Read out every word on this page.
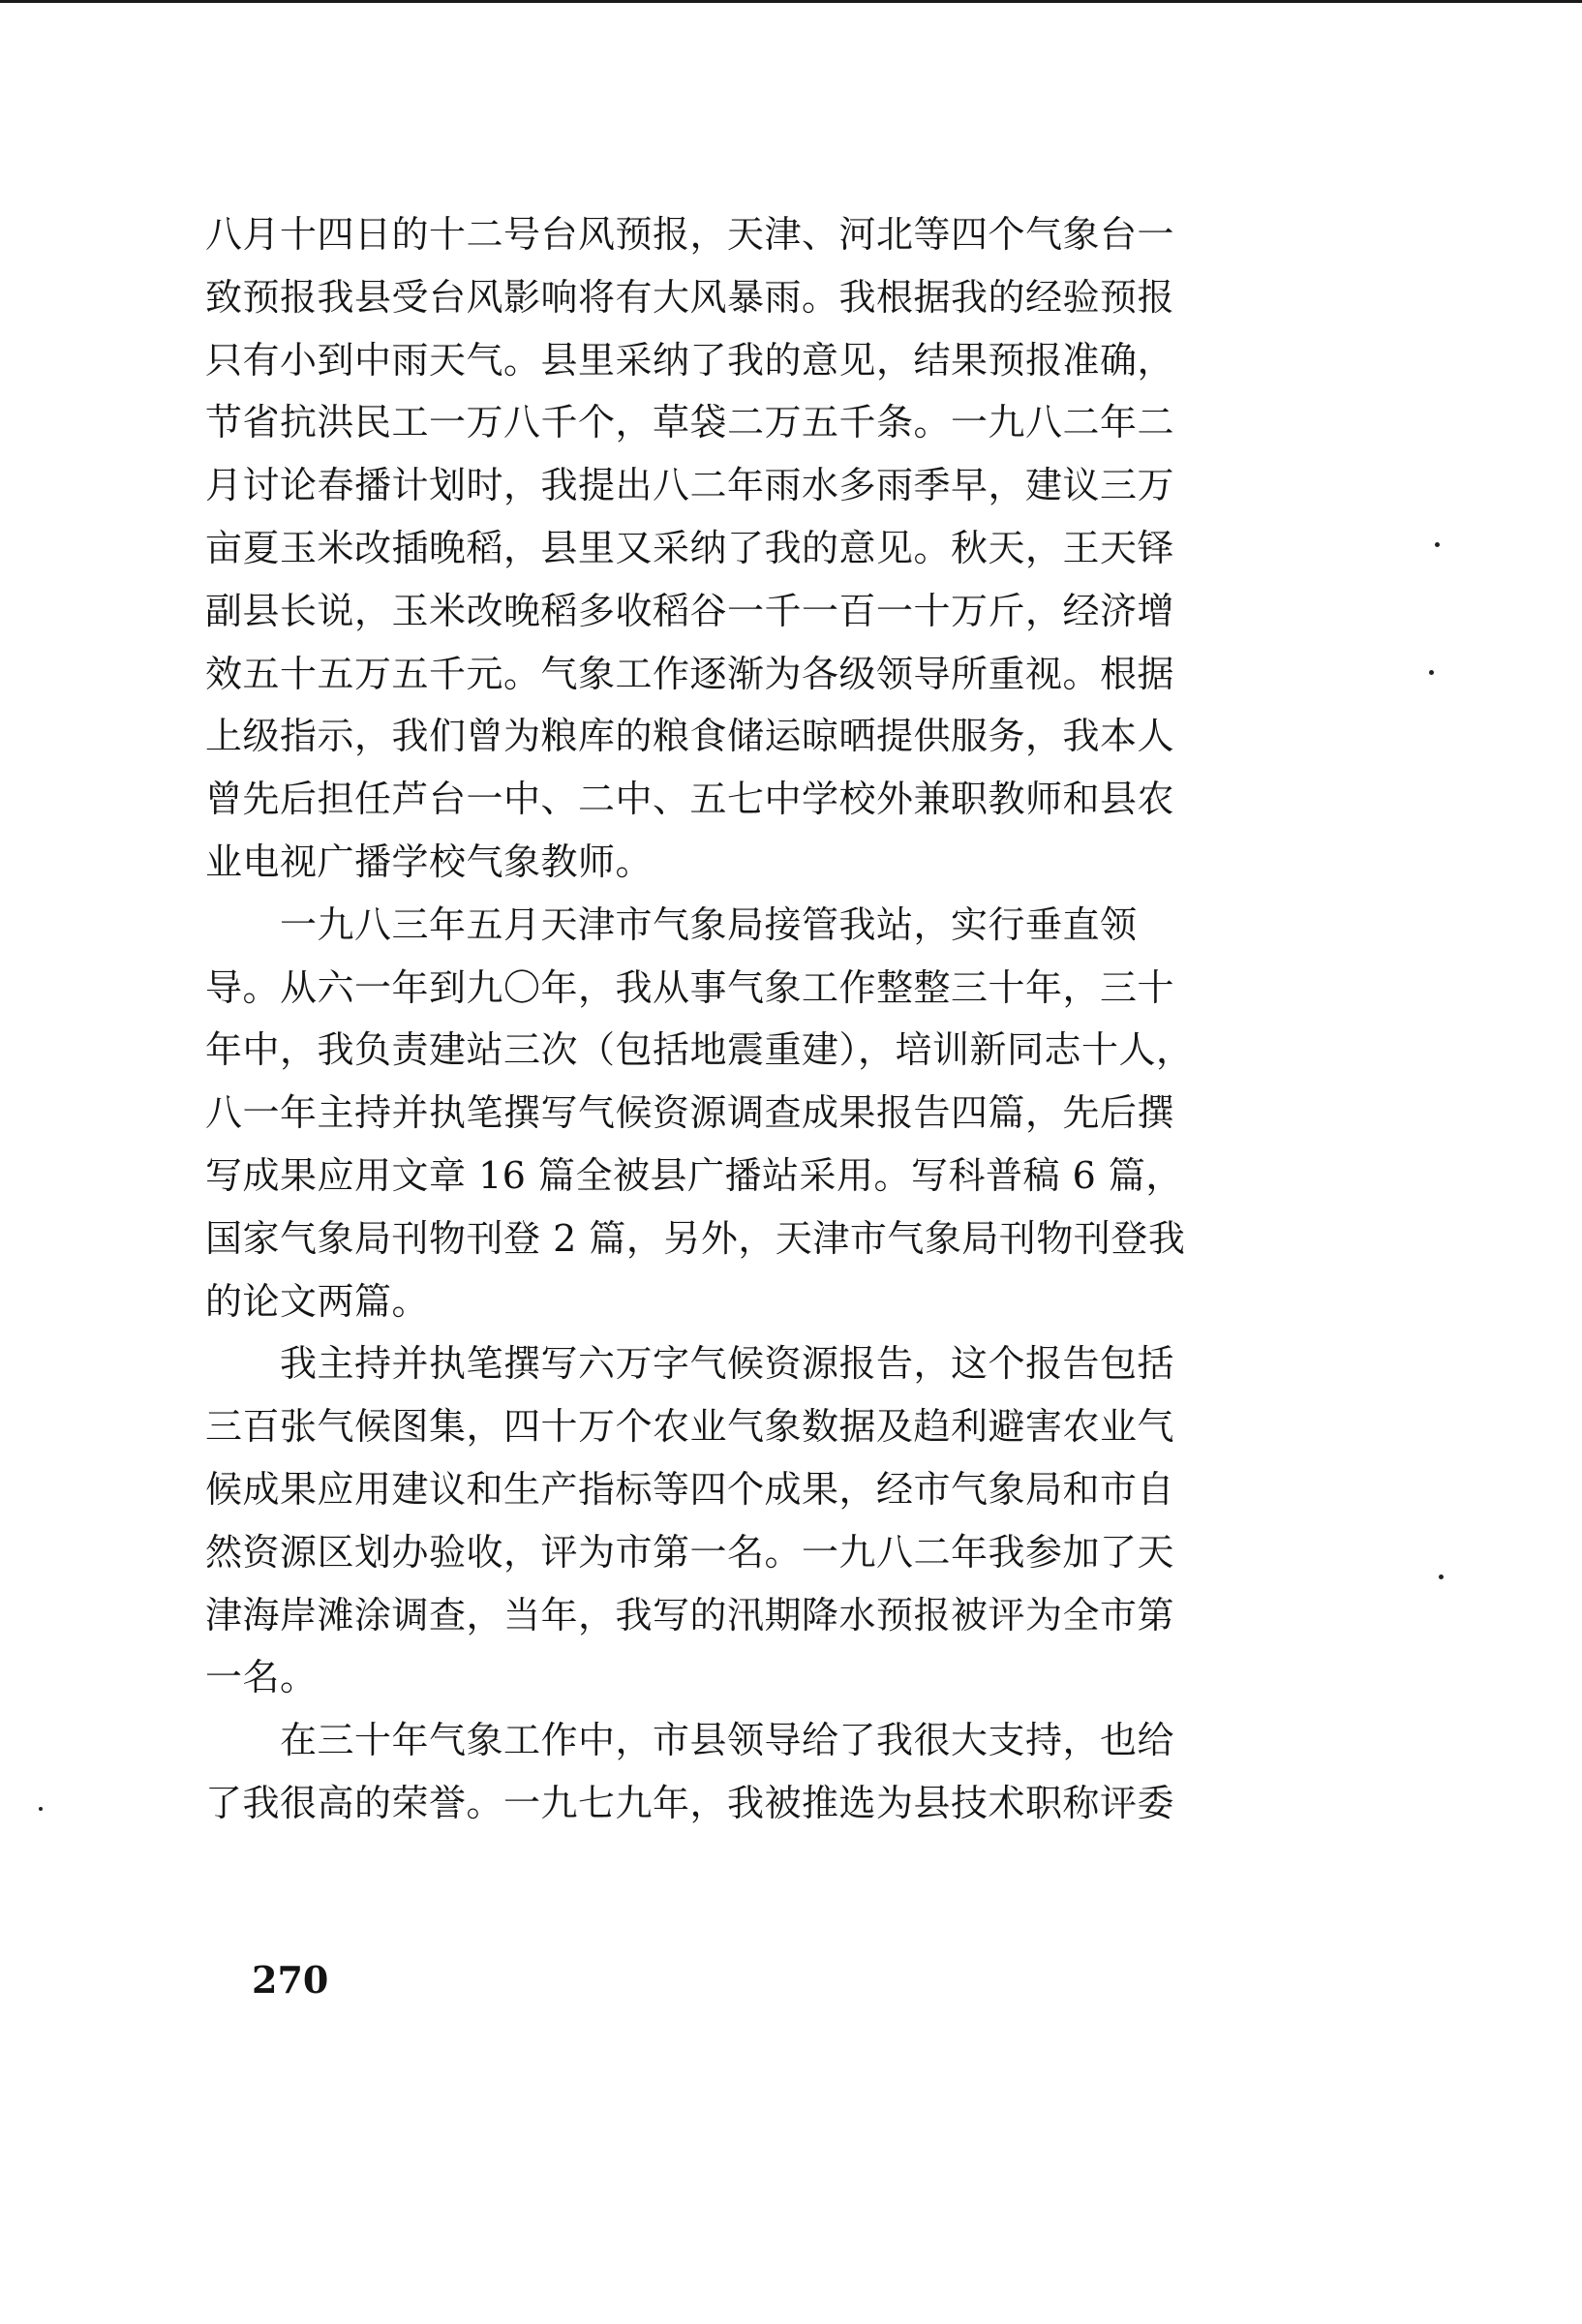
八月十四日的十二号台风预报，天津、河北等四个气象台一
致预报我县受台风影响将有大风暴雨。我根据我的经验预报
只有小到中雨天气。县里采纳了我的意见，结果预报准确，
节省抗洪民工一万八千个，草袋二万五千条。一九八二年二
月讨论春播计划时，我提出八二年雨水多雨季早，建议三万
亩夏玉米改插晚稻，县里又采纳了我的意见。秋天，王天铎
副县长说，玉米改晚稻多收稻谷一千一百一十万斤，经济增
效五十五万五千元。气象工作逐渐为各级领导所重视。根据
上级指示，我们曾为粮库的粮食储运晾晒提供服务，我本人
曾先后担任芦台一中、二中、五七中学校外兼职教师和县农
业电视广播学校气象教师。
　　一九八三年五月天津市气象局接管我站，实行垂直领
导。从六一年到九〇年，我从事气象工作整整三十年，三十
年中，我负责建站三次（包括地震重建），培训新同志十人，
八一年主持并执笔撰写气候资源调查成果报告四篇，先后撰
写成果应用文章 16 篇全被县广播站采用。写科普稿 6 篇，
国家气象局刊物刊登 2 篇，另外，天津市气象局刊物刊登我
的论文两篇。
　　我主持并执笔撰写六万字气候资源报告，这个报告包括
三百张气候图集，四十万个农业气象数据及趋利避害农业气
候成果应用建议和生产指标等四个成果，经市气象局和市自
然资源区划办验收，评为市第一名。一九八二年我参加了天
津海岸滩涂调查，当年，我写的汛期降水预报被评为全市第
一名。
　　在三十年气象工作中，市县领导给了我很大支持，也给
了我很高的荣誉。一九七九年，我被推选为县技术职称评委
270
